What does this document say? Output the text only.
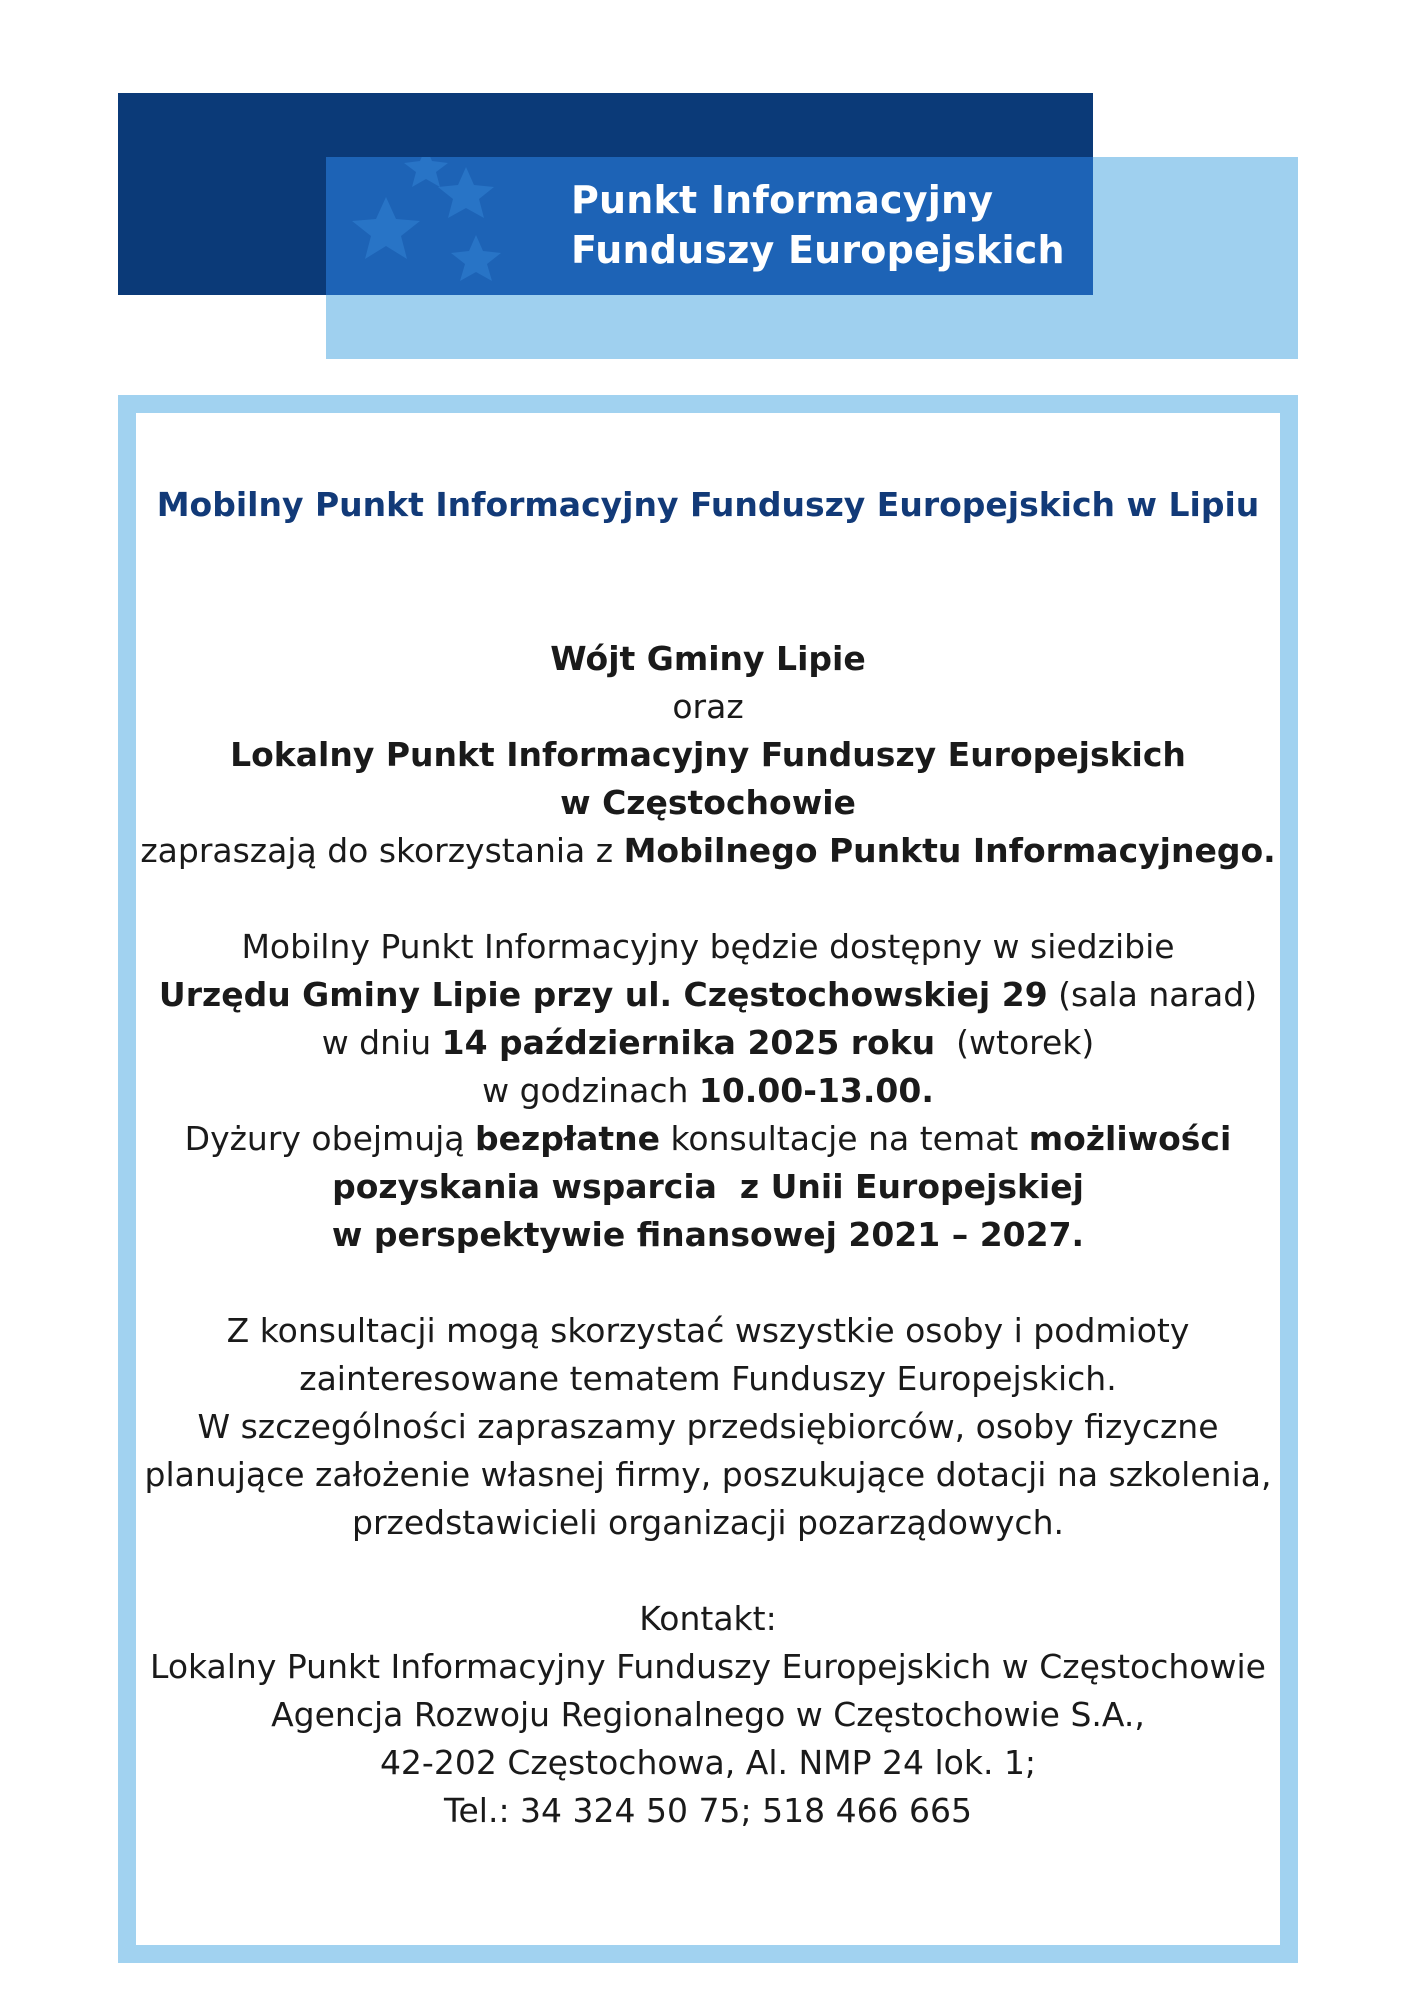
Punkt Informacyjny
Funduszy Europejskich
Mobilny Punkt Informacyjny Funduszy Europejskich w Lipiu

Wójt Gminy Lipie

oraz

Lokalny Punkt Informacyjny Funduszy Europejskich w Częstochowie

zapraszają do skorzystania z Mobilnego Punktu Informacyjnego.

Mobilny Punkt Informacyjny będzie dostępny w siedzibie

Urzędu Gminy Lipie przy ul. Częstochowskiej 29 (sala narad)

w dniu 14 października 2025 roku  (wtorek)

w godzinach 10.00-13.00.

Dyżury obejmują bezpłatne konsultacje na temat możliwości

pozyskania wsparcia  z Unii Europejskiej

w perspektywie finansowej 2021 – 2027.

Z konsultacji mogą skorzystać wszystkie osoby i podmioty

zainteresowane tematem Funduszy Europejskich.

W szczególności zapraszamy przedsiębiorców, osoby fizyczne

planujące założenie własnej firmy, poszukujące dotacji na szkolenia,

przedstawicieli organizacji pozarządowych.

Kontakt:

Lokalny Punkt Informacyjny Funduszy Europejskich w Częstochowie

Agencja Rozwoju Regionalnego w Częstochowie S.A.,

42-202 Częstochowa, Al. NMP 24 lok. 1;

Tel.: 34 324 50 75; 518 466 665
